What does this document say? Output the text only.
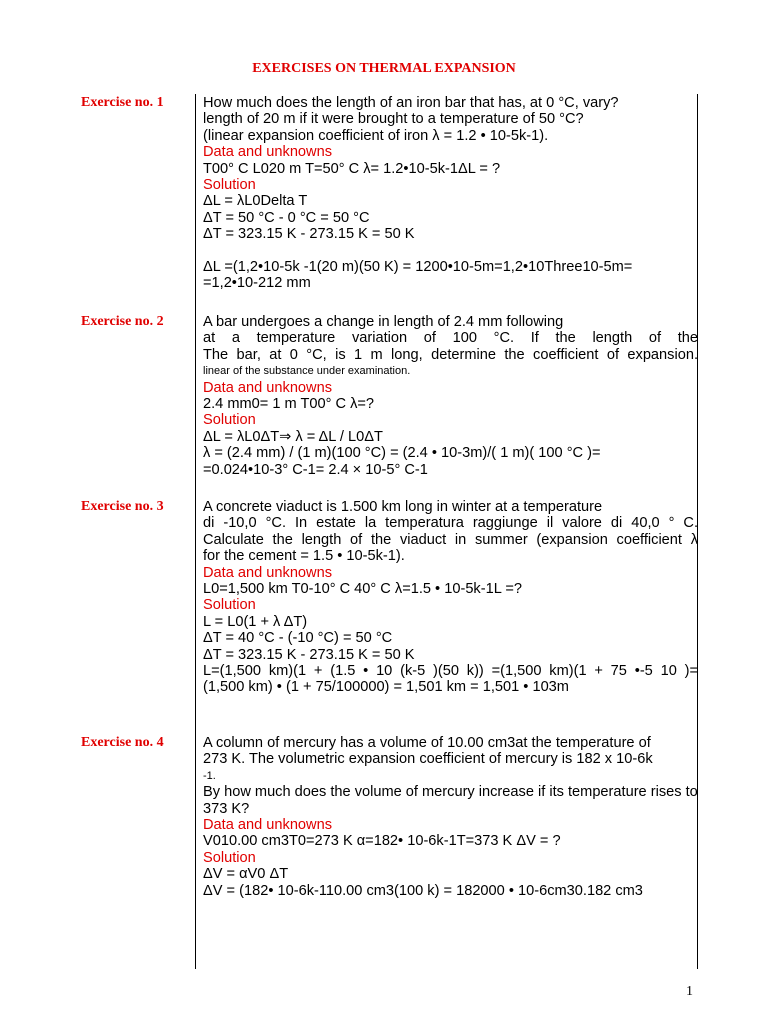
EXERCISES ON THERMAL EXPANSION
Exercise no. 1	How much does the length of an iron bar that has, at 0 °C, vary?
length of 20 m if it were brought to a temperature of 50 °C?
(linear expansion coefficient of iron λ = 1.2 • 10-5k-1).
Data and unknowns
T00° C L020 m T=50° C λ= 1.2•10-5k-1ΔL = ?
Solution
ΔL = λL0Delta T
ΔT = 50 °C - 0 °C = 50 °C
ΔT = 323.15 K - 273.15 K = 50 K
ΔL =(1,2•10-5k -1(20 m)(50 K) = 1200•10-5m=1,2•10Three10-5m=
=1,2•10-212 mm
Exercise no. 2	A bar undergoes a change in length of 2.4 mm following
at a temperature variation of 100 °C. If the length of the
The bar, at 0 °C, is 1 m long, determine the coefficient of expansion.
linear of the substance under examination.
Data and unknowns
2.4 mm0= 1 m T00° C λ=?
Solution
ΔL = λL0ΔT⇒ λ = ΔL / L0ΔT
λ = (2.4 mm) / (1 m)(100 °C) = (2.4 • 10-3m)/( 1 m)( 100 °C )=
=0.024•10-3° C-1= 2.4 × 10-5° C-1
Exercise no. 3	A concrete viaduct is 1.500 km long in winter at a temperature
di -10,0 °C. In estate la temperatura raggiunge il valore di 40,0 ° C.
Calculate the length of the viaduct in summer (expansion coefficient λ
for the cement = 1.5 • 10-5k-1).
Data and unknowns
L0=1,500 km T0-10° C 40° C λ=1.5 • 10-5k-1L =?
Solution
L = L0(1 + λ ΔT)
ΔT = 40 °C - (-10 °C) = 50 °C
ΔT = 323.15 K - 273.15 K = 50 K
L=(1,500 km)(1 + (1.5 • 10 (k-5 )(50 k)) =(1,500 km)(1 + 75 •-5 10 )=
(1,500 km) • (1 + 75/100000) = 1,501 km = 1,501 • 103m
Exercise no. 4	A column of mercury has a volume of 10.00 cm3at the temperature of
273 K. The volumetric expansion coefficient of mercury is 182 x 10-6k
-1.
By how much does the volume of mercury increase if its temperature rises to
373 K?
Data and unknowns
V010.00 cm3T0=273 K α=182• 10-6k-1T=373 K ΔV = ?
Solution
ΔV = αV0 ΔT
ΔV = (182• 10-6k-110.00 cm3(100 k) = 182000 • 10-6cm30.182 cm3
1
